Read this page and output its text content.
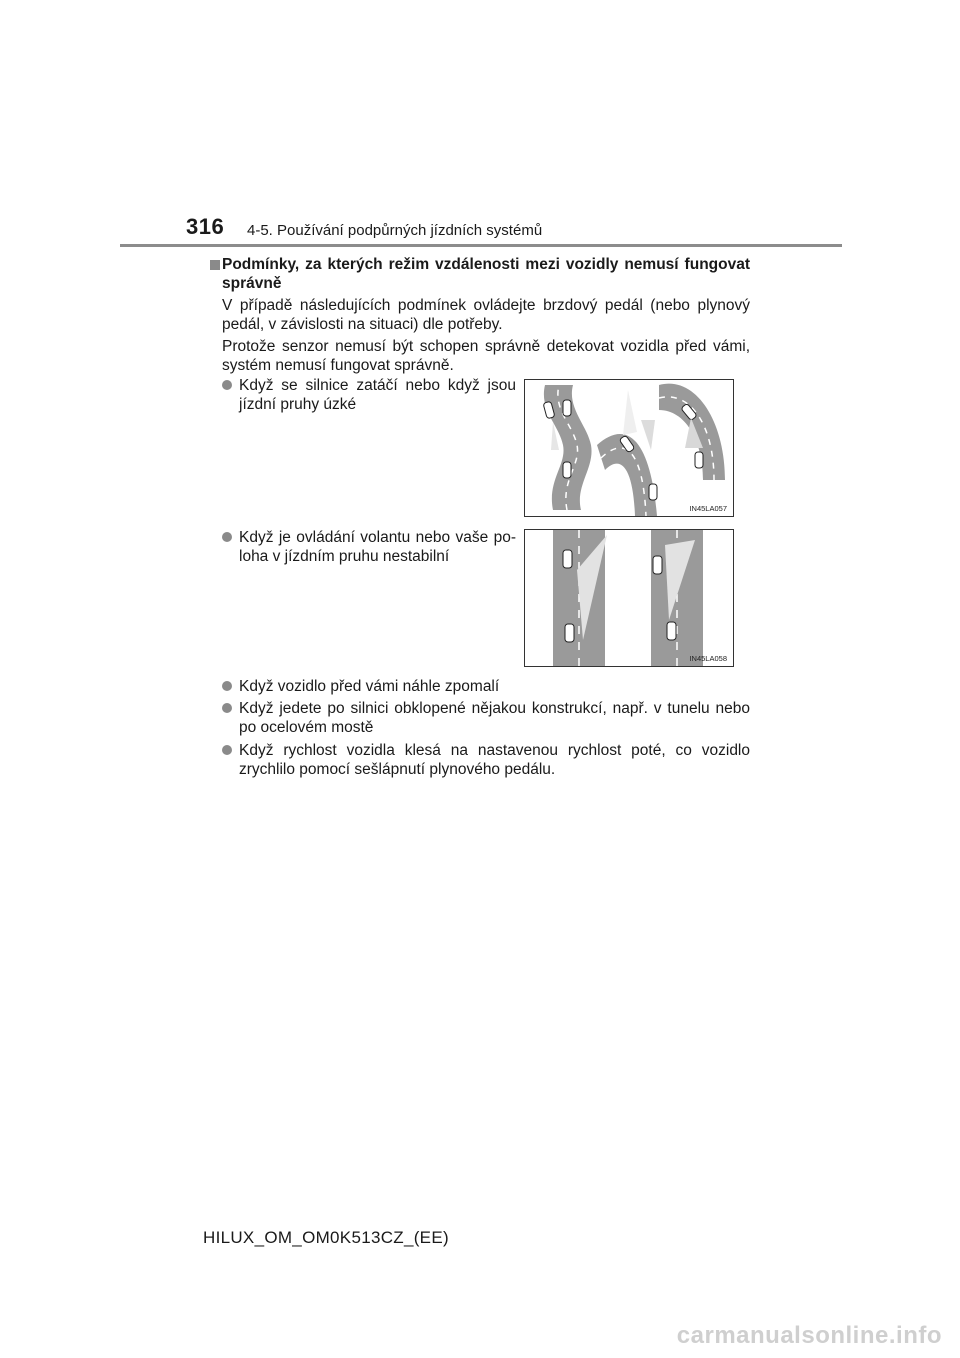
316 4-5. Používání podpůrných jízdních systémů
Podmínky, za kterých režim vzdálenosti mezi vozidly nemusí fungovat správně
V případě následujících podmínek ovládejte brzdový pedál (nebo plynový pedál, v závislosti na situaci) dle potřeby.
Protože senzor nemusí být schopen správně detekovat vozidla před vámi, systém nemusí fungovat správně.
Když se silnice zatáčí nebo když jsou jízdní pruhy úzké
IN45LA057
Když je ovládání volantu nebo vaše po-loha v jízdním pruhu nestabilní
IN45LA058
Když vozidlo před vámi náhle zpomalí
Když jedete po silnici obklopené nějakou konstrukcí, např. v tunelu nebo po ocelovém mostě
Když rychlost vozidla klesá na nastavenou rychlost poté, co vozidlo zrychlilo pomocí sešlápnutí plynového pedálu.
HILUX_OM_OM0K513CZ_(EE)
carmanualsonline.info
